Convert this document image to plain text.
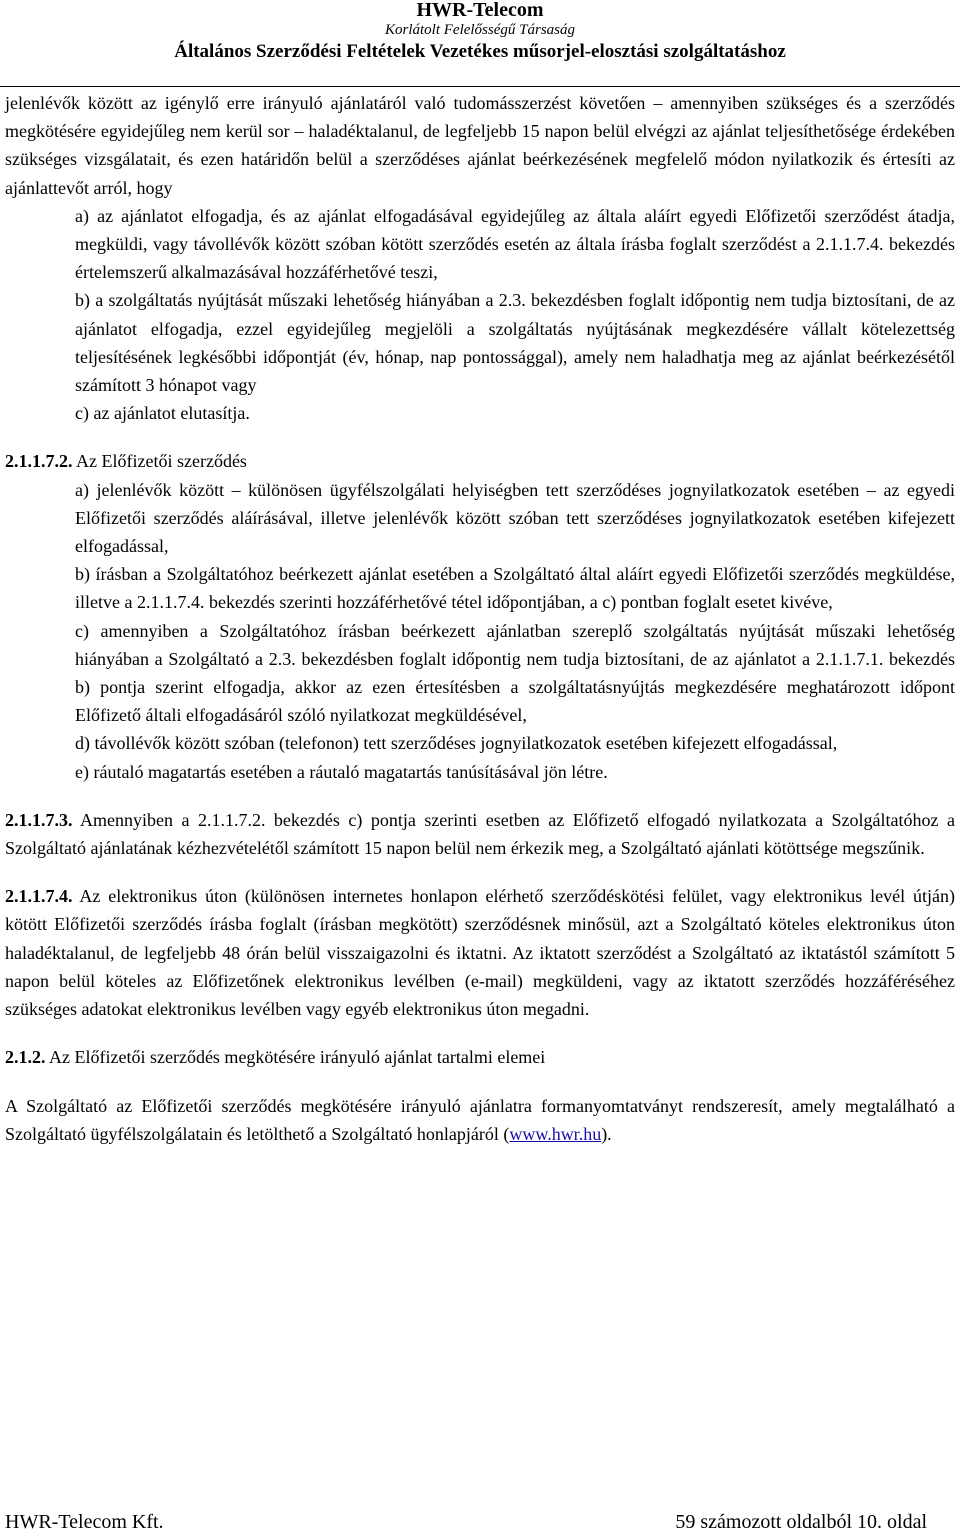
HWR-Telecom
Korlátolt Felelősségű Társaság
Általános Szerződési Feltételek Vezetékes műsorjel-elosztási szolgáltatáshoz

jelenlévők között az igénylő erre irányuló ajánlatáról való tudomásszerzést követően – amennyiben szükséges és a szerződés megkötésére egyidejűleg nem kerül sor – haladéktalanul, de legfeljebb 15 napon belül elvégzi az ajánlat teljesíthetősége érdekében szükséges vizsgálatait, és ezen határidőn belül a szerződéses ajánlat beérkezésének megfelelő módon nyilatkozik és értesíti az ajánlattevőt arról, hogy

a) az ajánlatot elfogadja, és az ajánlat elfogadásával egyidejűleg az általa aláírt egyedi Előfizetői szerződést átadja, megküldi, vagy távollévők között szóban kötött szerződés esetén az általa írásba foglalt szerződést a 2.1.1.7.4. bekezdés értelemszerű alkalmazásával hozzáférhetővé teszi,

b) a szolgáltatás nyújtását műszaki lehetőség hiányában a 2.3. bekezdésben foglalt időpontig nem tudja biztosítani, de az ajánlatot elfogadja, ezzel egyidejűleg megjelöli a szolgáltatás nyújtásának megkezdésére vállalt kötelezettség teljesítésének legkésőbbi időpontját (év, hónap, nap pontossággal), amely nem haladhatja meg az ajánlat beérkezésétől számított 3 hónapot vagy

c) az ajánlatot elutasítja.

2.1.1.7.2. Az Előfizetői szerződés

a) jelenlévők között – különösen ügyfélszolgálati helyiségben tett szerződéses jognyilatkozatok esetében – az egyedi Előfizetői szerződés aláírásával, illetve jelenlévők között szóban tett szerződéses jognyilatkozatok esetében kifejezett elfogadással,

b) írásban a Szolgáltatóhoz beérkezett ajánlat esetében a Szolgáltató által aláírt egyedi Előfizetői szerződés megküldése, illetve a 2.1.1.7.4. bekezdés szerinti hozzáférhetővé tétel időpontjában, a c) pontban foglalt esetet kivéve,

c) amennyiben a Szolgáltatóhoz írásban beérkezett ajánlatban szereplő szolgáltatás nyújtását műszaki lehetőség hiányában a Szolgáltató a 2.3. bekezdésben foglalt időpontig nem tudja biztosítani, de az ajánlatot a 2.1.1.7.1. bekezdés b) pontja szerint elfogadja, akkor az ezen értesítésben a szolgáltatásnyújtás megkezdésére meghatározott időpont Előfizető általi elfogadásáról szóló nyilatkozat megküldésével,

d) távollévők között szóban (telefonon) tett szerződéses jognyilatkozatok esetében kifejezett elfogadással,

e) ráutaló magatartás esetében a ráutaló magatartás tanúsításával jön létre.

2.1.1.7.3. Amennyiben a 2.1.1.7.2. bekezdés c) pontja szerinti esetben az Előfizető elfogadó nyilatkozata a Szolgáltatóhoz a Szolgáltató ajánlatának kézhezvételétől számított 15 napon belül nem érkezik meg, a Szolgáltató ajánlati kötöttsége megszűnik.

2.1.1.7.4. Az elektronikus úton (különösen internetes honlapon elérhető szerződéskötési felület, vagy elektronikus levél útján) kötött Előfizetői szerződés írásba foglalt (írásban megkötött) szerződésnek minősül, azt a Szolgáltató köteles elektronikus úton haladéktalanul, de legfeljebb 48 órán belül visszaigazolni és iktatni. Az iktatott szerződést a Szolgáltató az iktatástól számított 5 napon belül köteles az Előfizetőnek elektronikus levélben (e-mail) megküldeni, vagy az iktatott szerződés hozzáféréséhez szükséges adatokat elektronikus levélben vagy egyéb elektronikus úton megadni.

2.1.2. Az Előfizetői szerződés megkötésére irányuló ajánlat tartalmi elemei

A Szolgáltató az Előfizetői szerződés megkötésére irányuló ajánlatra formanyomtatványt rendszeresít, amely megtalálható a Szolgáltató ügyfélszolgálatain és letölthető a Szolgáltató honlapjáról (www.hwr.hu).

HWR-Telecom Kft.	59 számozott oldalból 10. oldal
